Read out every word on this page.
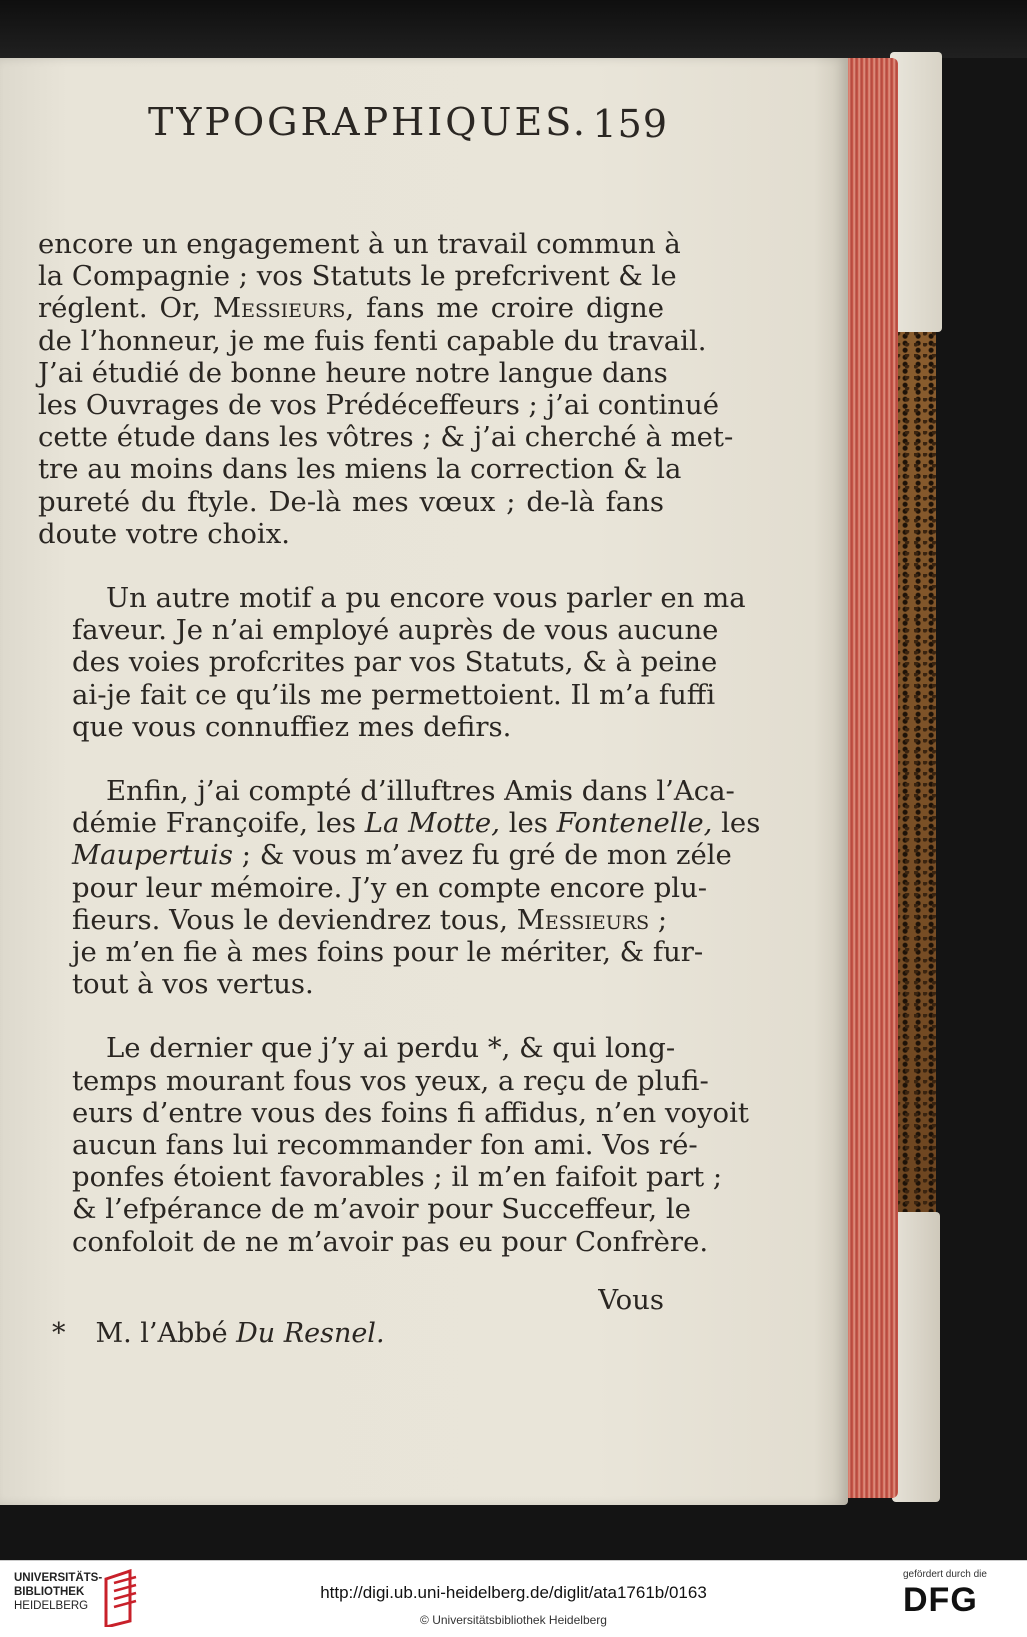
TYPOGRAPHIQUES. 159

encore un engagement à un travail commun à
la Compagnie ; vos Statuts le prefcrivent & le
réglent. Or, Messieurs, fans me croire digne
de l’honneur, je me fuis fenti capable du travail.
J’ai étudié de bonne heure notre langue dans
les Ouvrages de vos Prédéceffeurs ; j’ai continué
cette étude dans les vôtres ; & j’ai cherché à met-
tre au moins dans les miens la correction & la
pureté du ftyle. De-là mes vœux ; de-là fans
doute votre choix.

Un autre motif a pu encore vous parler en ma
faveur. Je n’ai employé auprès de vous aucune
des voies profcrites par vos Statuts, & à peine
ai-je fait ce qu’ils me permettoient. Il m’a fuffi
que vous connuffiez mes defirs.

Enfin, j’ai compté d’illuftres Amis dans l’Aca-
démie Françoife, les La Motte, les Fontenelle,
Maupertuis ; & vous m’avez fu gré de mon zéle
pour leur mémoire. J’y en compte encore plu-
fieurs. Vous le deviendrez tous, Messieurs ;
je m’en fie à mes foins pour le mériter, & fur-
tout à vos vertus.

Le dernier que j’y ai perdu *, & qui long-
temps mourant fous vos yeux, a reçu de plufi-
eurs d’entre vous des foins fi affidus, n’en voyoit
aucun fans lui recommander fon ami. Vos ré-
ponfes étoient favorables ; il m’en faifoit part ;
& l’efpérance de m’avoir pour Succeffeur, le
confoloit de ne m’avoir pas eu pour Confrère.

Vous
* M. l’Abbé Du Resnel.
UNIVERSITÄTS-
BIBLIOTHEK
HEIDELBERG
http://digi.ub.uni-heidelberg.de/diglit/ata1761b/0163
© Universitätsbibliothek Heidelberg
gefördert durch die
DFG
